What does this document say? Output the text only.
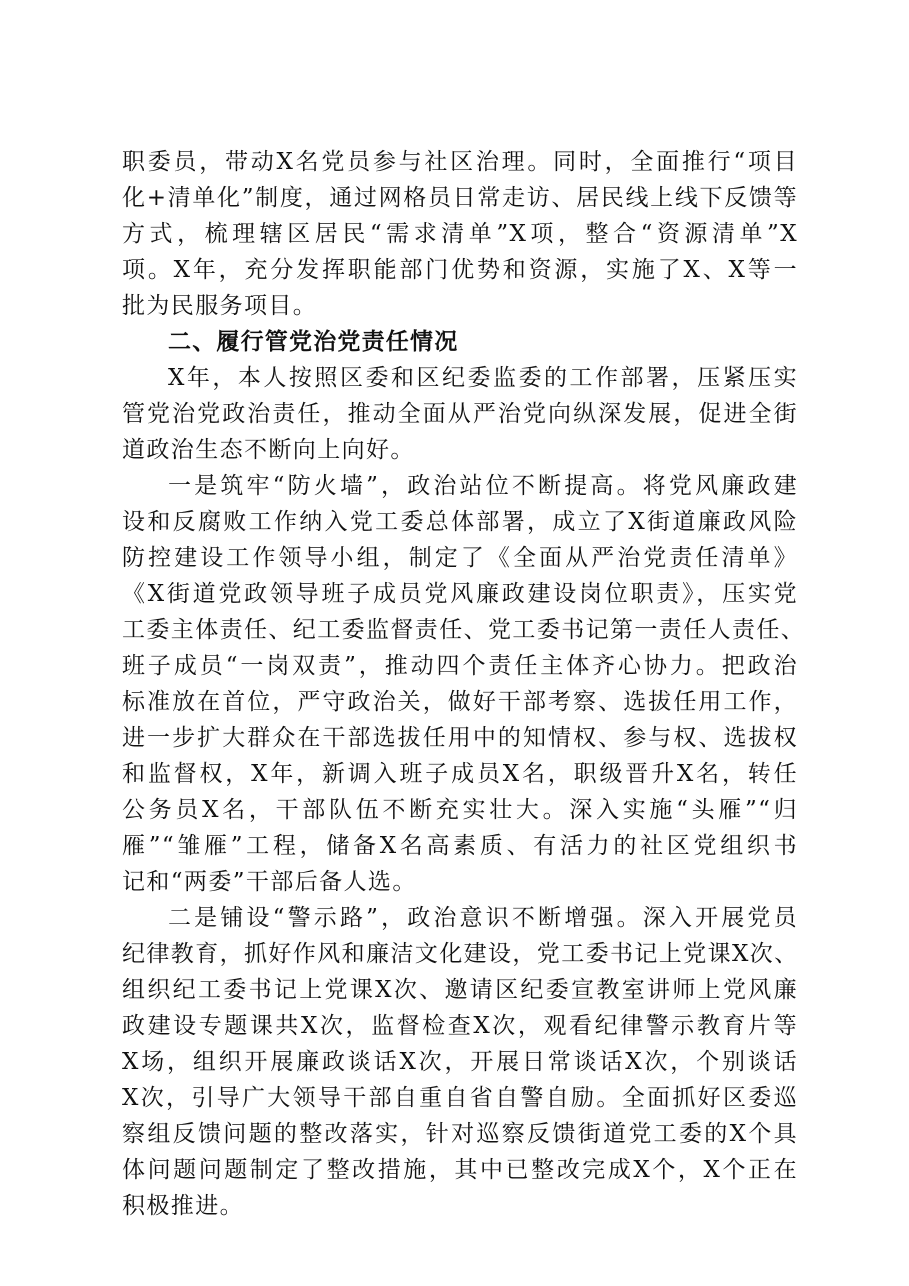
职委员，带动X名党员参与社区治理。同时，全面推行“项目
化+清单化”制度，通过网格员日常走访、居民线上线下反馈等
方式，梳理辖区居民“需求清单”X项，整合“资源清单”X
项。X年，充分发挥职能部门优势和资源，实施了X、X等一
批为民服务项目。
二、履行管党治党责任情况
X年，本人按照区委和区纪委监委的工作部署，压紧压实
管党治党政治责任，推动全面从严治党向纵深发展，促进全街
道政治生态不断向上向好。
一是筑牢“防火墙”，政治站位不断提高。将党风廉政建
设和反腐败工作纳入党工委总体部署，成立了X街道廉政风险
防控建设工作领导小组，制定了《全面从严治党责任清单》
《X街道党政领导班子成员党风廉政建设岗位职责》，压实党
工委主体责任、纪工委监督责任、党工委书记第一责任人责任、
班子成员“一岗双责”，推动四个责任主体齐心协力。把政治
标准放在首位，严守政治关，做好干部考察、选拔任用工作，
进一步扩大群众在干部选拔任用中的知情权、参与权、选拔权
和监督权，X年，新调入班子成员X名，职级晋升X名，转任
公务员X名，干部队伍不断充实壮大。深入实施“头雁”“归
雁”“雏雁”工程，储备X名高素质、有活力的社区党组织书
记和“两委”干部后备人选。
二是铺设“警示路”，政治意识不断增强。深入开展党员
纪律教育，抓好作风和廉洁文化建设，党工委书记上党课X次、
组织纪工委书记上党课X次、邀请区纪委宣教室讲师上党风廉
政建设专题课共X次，监督检查X次，观看纪律警示教育片等
X场，组织开展廉政谈话X次，开展日常谈话X次，个别谈话
X次，引导广大领导干部自重自省自警自励。全面抓好区委巡
察组反馈问题的整改落实，针对巡察反馈街道党工委的X个具
体问题问题制定了整改措施，其中已整改完成X个，X个正在
积极推进。
